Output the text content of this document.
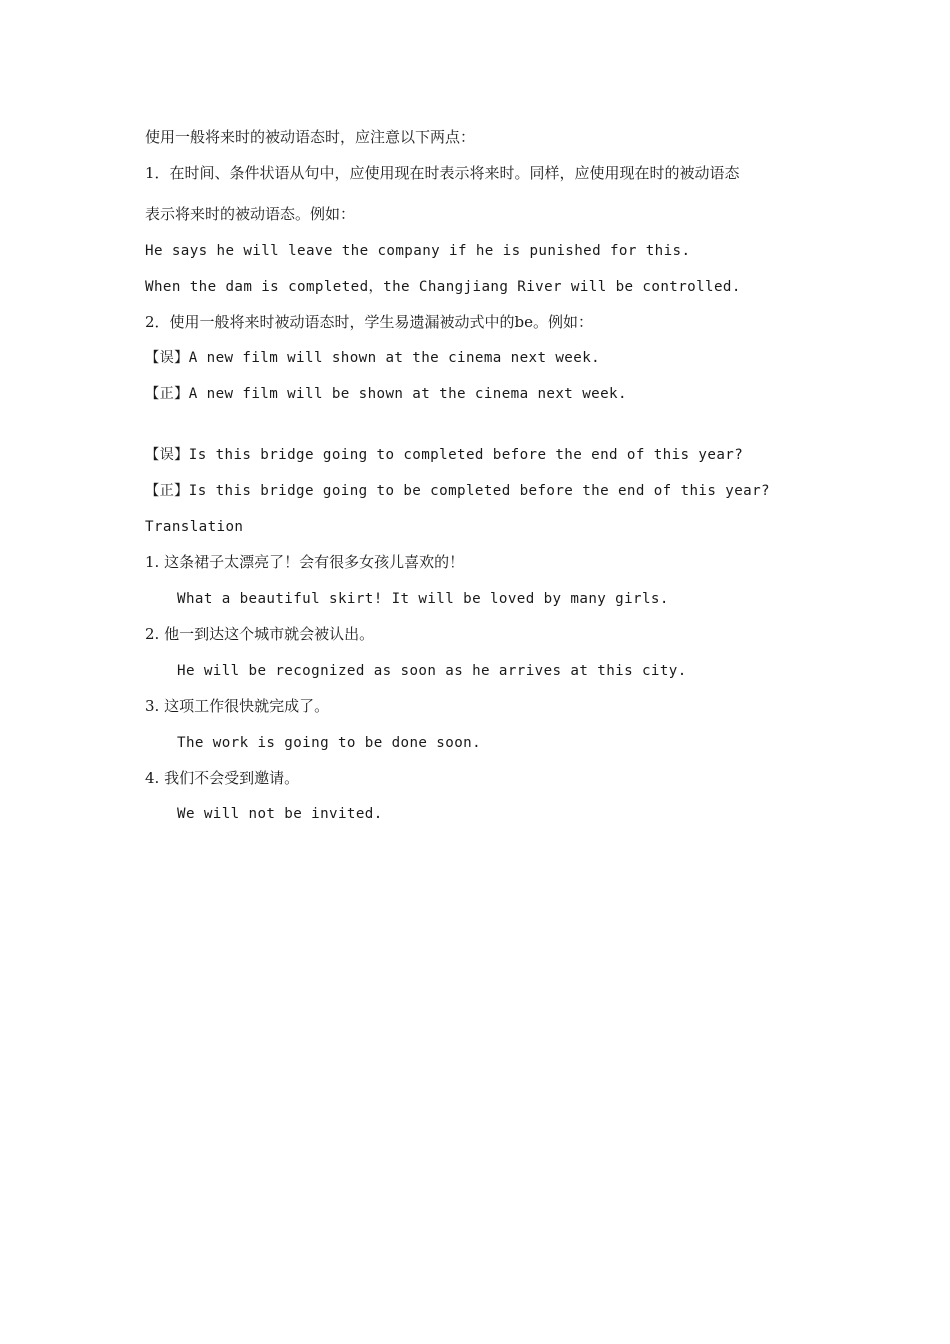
使用一般将来时的被动语态时，应注意以下两点：
1．在时间、条件状语从句中，应使用现在时表示将来时。同样，应使用现在时的被动语态
表示将来时的被动语态。例如：
He says he will leave the company if he is punished for this.
When the dam is completed，the Changjiang River will be controlled.
2．使用一般将来时被动语态时，学生易遗漏被动式中的be。例如：
【误】A new film will shown at the cinema next week.
【正】A new film will be shown at the cinema next week.
【误】Is this bridge going to completed before the end of this year?
【正】Is this bridge going to be completed before the end of this year?
Translation
1. 这条裙子太漂亮了！会有很多女孩儿喜欢的！
What a beautiful skirt! It will be loved by many girls.
2. 他一到达这个城市就会被认出。
He will be recognized as soon as he arrives at this city.
3. 这项工作很快就完成了。
The work is going to be done soon.
4. 我们不会受到邀请。
We will not be invited.
